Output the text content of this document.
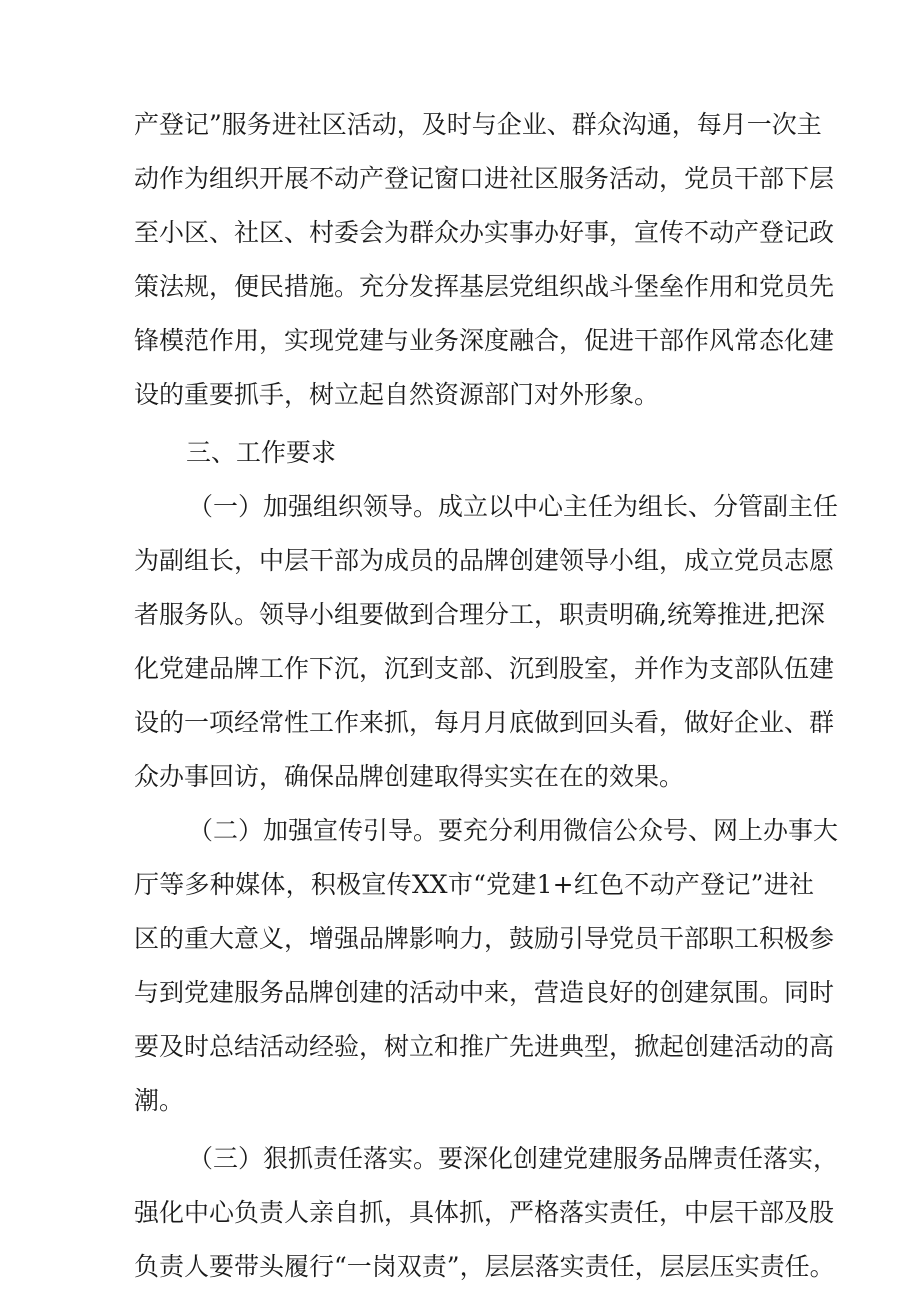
产登记”服务进社区活动，及时与企业、群众沟通，每月一次主
动作为组织开展不动产登记窗口进社区服务活动，党员干部下层
至小区、社区、村委会为群众办实事办好事，宣传不动产登记政
策法规，便民措施。充分发挥基层党组织战斗堡垒作用和党员先
锋模范作用，实现党建与业务深度融合，促进干部作风常态化建
设的重要抓手，树立起自然资源部门对外形象。
三、工作要求
（一）加强组织领导。成立以中心主任为组长、分管副主任
为副组长，中层干部为成员的品牌创建领导小组，成立党员志愿
者服务队。领导小组要做到合理分工，职责明确,统筹推进,把深
化党建品牌工作下沉，沉到支部、沉到股室，并作为支部队伍建
设的一项经常性工作来抓，每月月底做到回头看，做好企业、群
众办事回访，确保品牌创建取得实实在在的效果。
（二）加强宣传引导。要充分利用微信公众号、网上办事大
厅等多种媒体，积极宣传XX市“党建1+红色不动产登记”进社
区的重大意义，增强品牌影响力，鼓励引导党员干部职工积极参
与到党建服务品牌创建的活动中来，营造良好的创建氛围。同时
要及时总结活动经验，树立和推广先进典型，掀起创建活动的高
潮。
（三）狠抓责任落实。要深化创建党建服务品牌责任落实，
强化中心负责人亲自抓，具体抓，严格落实责任，中层干部及股
负责人要带头履行“一岗双责”，层层落实责任，层层压实责任。
